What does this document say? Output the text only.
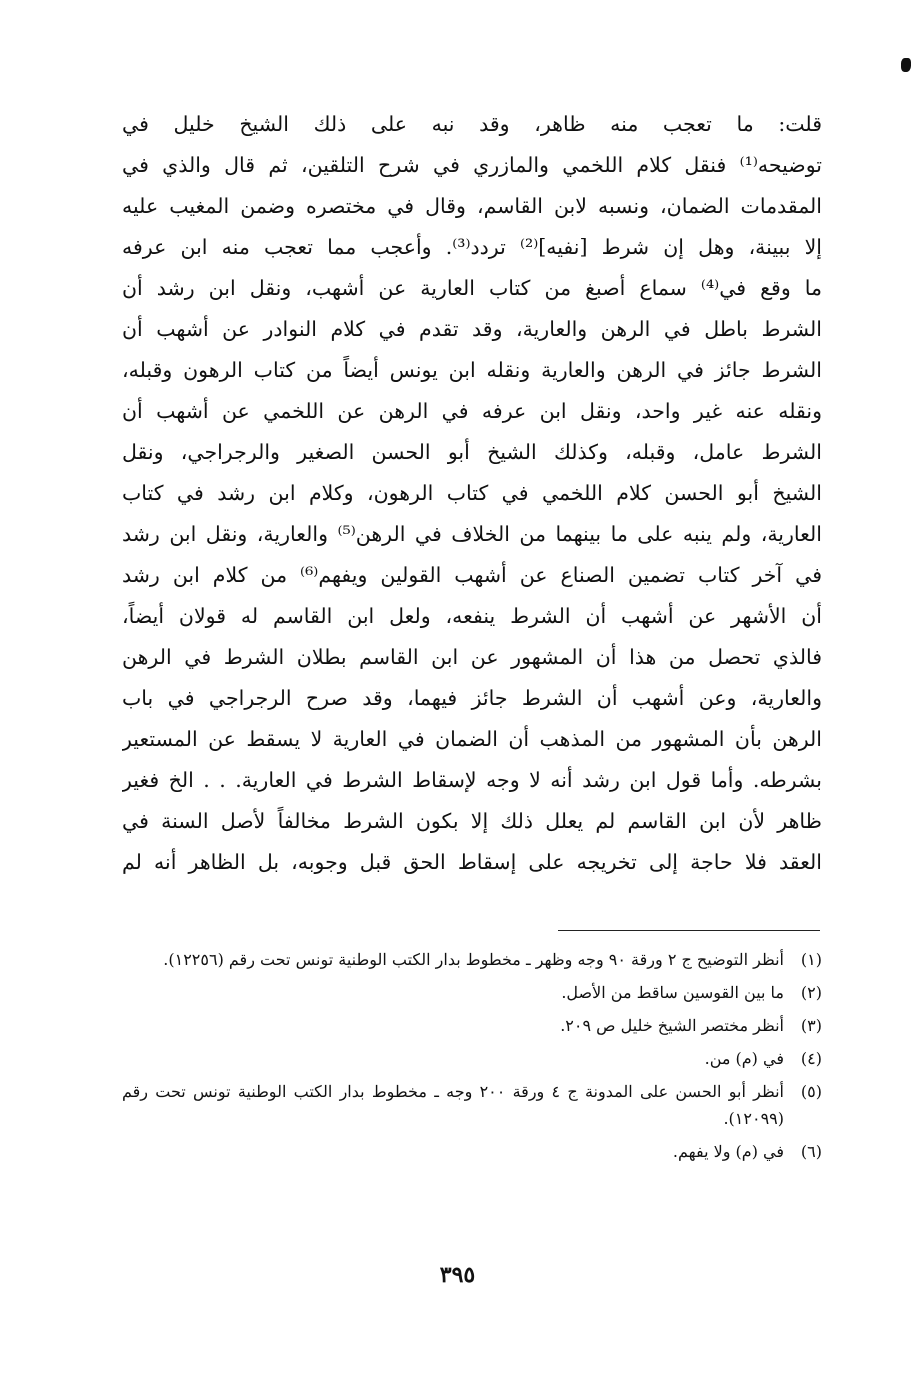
قلت: ما تعجب منه ظاهر، وقد نبه على ذلك الشيخ خليل في
توضيحه⁽¹⁾ فنقل كلام اللخمي والمازري في شرح التلقين، ثم قال والذي في
المقدمات الضمان، ونسبه لابن القاسم، وقال في مختصره وضمن المغيب عليه
إلا ببينة، وهل إن شرط [نفيه]⁽²⁾ تردد⁽³⁾. وأعجب مما تعجب منه ابن عرفه
ما وقع في⁽⁴⁾ سماع أصبغ من كتاب العارية عن أشهب، ونقل ابن رشد أن
الشرط باطل في الرهن والعارية، وقد تقدم في كلام النوادر عن أشهب أن
الشرط جائز في الرهن والعارية ونقله ابن يونس أيضاً من كتاب الرهون وقبله،
ونقله عنه غير واحد، ونقل ابن عرفه في الرهن عن اللخمي عن أشهب أن
الشرط عامل، وقبله، وكذلك الشيخ أبو الحسن الصغير والرجراجي، ونقل
الشيخ أبو الحسن كلام اللخمي في كتاب الرهون، وكلام ابن رشد في كتاب
العارية، ولم ينبه على ما بينهما من الخلاف في الرهن⁽⁵⁾ والعارية، ونقل ابن رشد
في آخر كتاب تضمين الصناع عن أشهب القولين ويفهم⁽⁶⁾ من كلام ابن رشد
أن الأشهر عن أشهب أن الشرط ينفعه، ولعل ابن القاسم له قولان أيضاً،
فالذي تحصل من هذا أن المشهور عن ابن القاسم بطلان الشرط في الرهن
والعارية، وعن أشهب أن الشرط جائز فيهما، وقد صرح الرجراجي في باب
الرهن بأن المشهور من المذهب أن الضمان في العارية لا يسقط عن المستعير
بشرطه. وأما قول ابن رشد أنه لا وجه لإسقاط الشرط في العارية. . . الخ فغير
ظاهر لأن ابن القاسم لم يعلل ذلك إلا بكون الشرط مخالفاً لأصل السنة في
العقد فلا حاجة إلى تخريجه على إسقاط الحق قبل وجوبه، بل الظاهر أنه لم
(١)
أنظر التوضيح ج ٢ ورقة ٩٠ وجه وظهر ـ مخطوط بدار الكتب الوطنية تونس تحت رقم (١٢٢٥٦).
(٢)
ما بين القوسين ساقط من الأصل.
(٣)
أنظر مختصر الشيخ خليل ص ٢٠٩.
(٤)
في (م) من.
(٥)
أنظر أبو الحسن على المدونة ج ٤ ورقة ٢٠٠ وجه ـ مخطوط بدار الكتب الوطنية تونس تحت رقم (١٢٠٩٩).
(٦)
في (م) ولا يفهم.
٣٩٥
